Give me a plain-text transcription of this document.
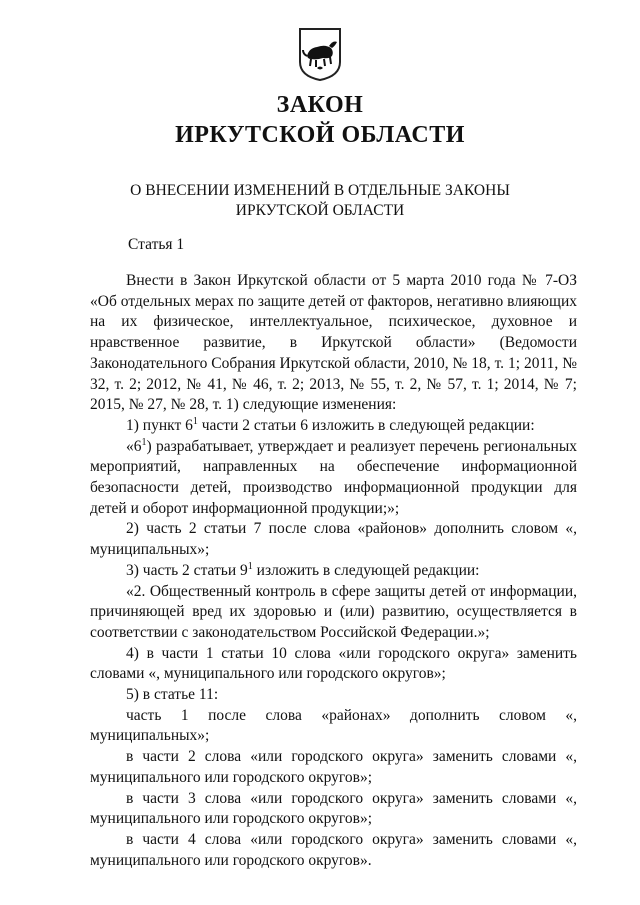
ЗАКОН
ИРКУТСКОЙ ОБЛАСТИ
О ВНЕСЕНИИ ИЗМЕНЕНИЙ В ОТДЕЛЬНЫЕ ЗАКОНЫ
ИРКУТСКОЙ ОБЛАСТИ
Статья 1

Внести в Закон Иркутской области от 5 марта 2010 года № 7-ОЗ «Об отдельных мерах по защите детей от факторов, негативно влияющих на их физическое, интеллектуальное, психическое, духовное и нравственное развитие, в Иркутской области» (Ведомости Законодательного Собрания Иркутской области, 2010, № 18, т. 1; 2011, № 32, т. 2; 2012, № 41, № 46, т. 2; 2013, № 55, т. 2, № 57, т. 1; 2014, № 7; 2015, № 27, № 28, т. 1) следующие изменения:

1) пункт $6^1$ части 2 статьи 6 изложить в следующей редакции:

«$6^1$) разрабатывает, утверждает и реализует перечень региональных мероприятий, направленных на обеспечение информационной безопасности детей, производство информационной продукции для детей и оборот информационной продукции;»;

2) часть 2 статьи 7 после слова «районов» дополнить словом «, муниципальных»;

3) часть 2 статьи $9^1$ изложить в следующей редакции:

«2. Общественный контроль в сфере защиты детей от информации, причиняющей вред их здоровью и (или) развитию, осуществляется в соответствии с законодательством Российской Федерации.»;

4) в части 1 статьи 10 слова «или городского округа» заменить словами «, муниципального или городского округов»;

5) в статье 11:

часть 1 после слова «районах» дополнить словом «, муниципальных»;

в части 2 слова «или городского округа» заменить словами «, муниципального или городского округов»;

в части 3 слова «или городского округа» заменить словами «, муниципального или городского округов»;

в части 4 слова «или городского округа» заменить словами «, муниципального или городского округов».
